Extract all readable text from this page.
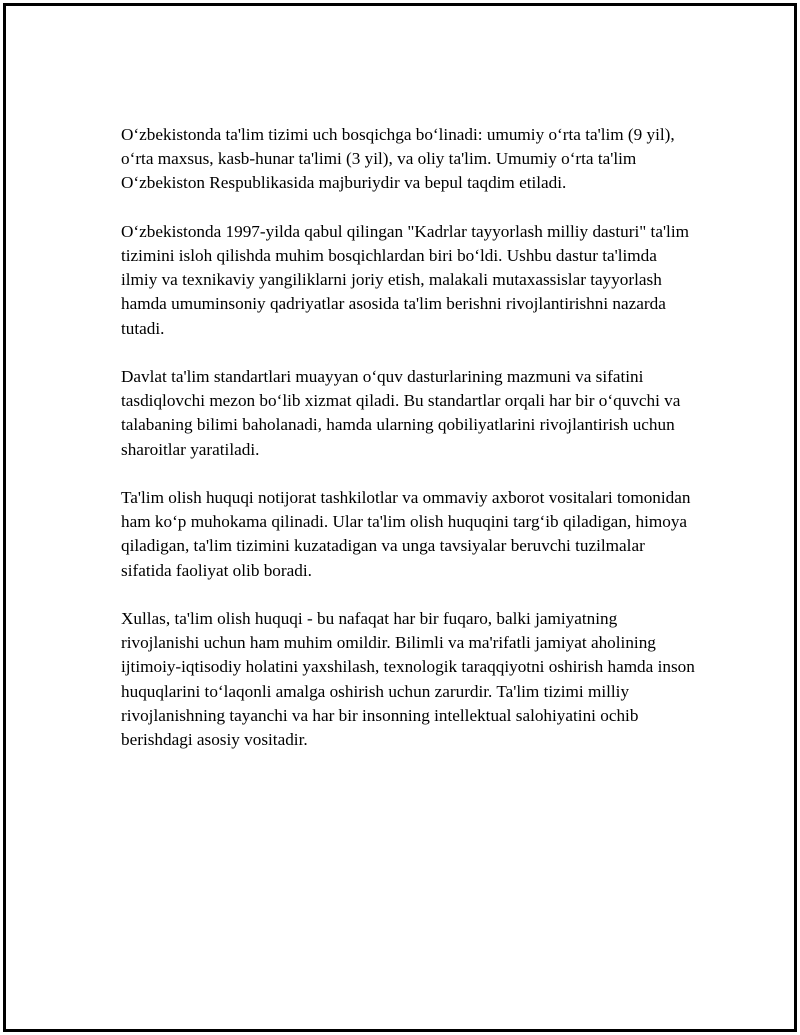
O‘zbekistonda ta'lim tizimi uch bosqichga bo‘linadi: umumiy o‘rta ta'lim (9 yil), o‘rta maxsus, kasb-hunar ta'limi (3 yil), va oliy ta'lim. Umumiy o‘rta ta'lim O‘zbekiston Respublikasida majburiydir va bepul taqdim etiladi.

O‘zbekistonda 1997-yilda qabul qilingan "Kadrlar tayyorlash milliy dasturi" ta'lim tizimini isloh qilishda muhim bosqichlardan biri bo‘ldi. Ushbu dastur ta'limda ilmiy va texnikaviy yangiliklarni joriy etish, malakali mutaxassislar tayyorlash hamda umuminsoniy qadriyatlar asosida ta'lim berishni rivojlantirishni nazarda tutadi.

Davlat ta'lim standartlari muayyan o‘quv dasturlarining mazmuni va sifatini tasdiqlovchi mezon bo‘lib xizmat qiladi. Bu standartlar orqali har bir o‘quvchi va talabaning bilimi baholanadi, hamda ularning qobiliyatlarini rivojlantirish uchun sharoitlar yaratiladi.

Ta'lim olish huquqi notijorat tashkilotlar va ommaviy axborot vositalari tomonidan ham ko‘p muhokama qilinadi. Ular ta'lim olish huquqini targ‘ib qiladigan, himoya qiladigan, ta'lim tizimini kuzatadigan va unga tavsiyalar beruvchi tuzilmalar sifatida faoliyat olib boradi.

Xullas, ta'lim olish huquqi - bu nafaqat har bir fuqaro, balki jamiyatning rivojlanishi uchun ham muhim omildir. Bilimli va ma'rifatli jamiyat aholining ijtimoiy-iqtisodiy holatini yaxshilash, texnologik taraqqiyotni oshirish hamda inson huquqlarini to‘laqonli amalga oshirish uchun zarurdir. Ta'lim tizimi milliy rivojlanishning tayanchi va har bir insonning intellektual salohiyatini ochib berishdagi asosiy vositadir.
